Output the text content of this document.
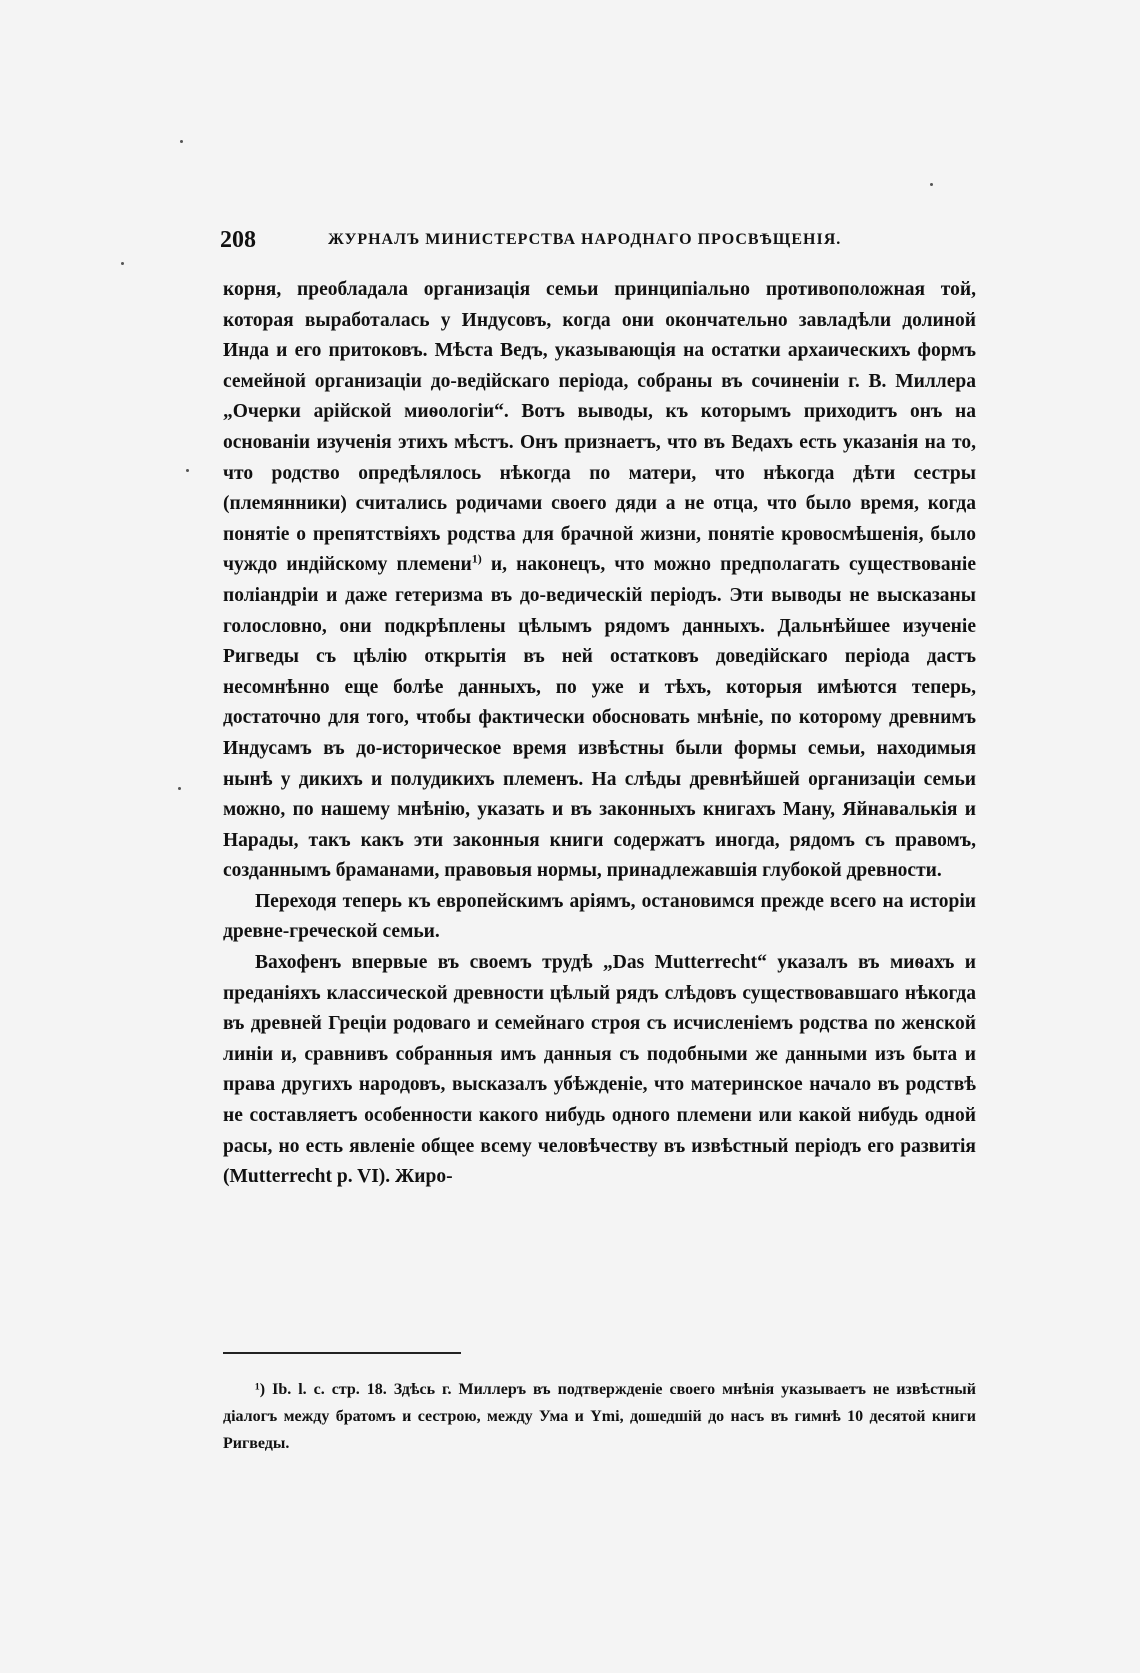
208	ЖУРНАЛЪ МИНИСТЕРСТВА НАРОДНАГО ПРОСВѢЩЕНІЯ.

корня, преобладала организація семьи принципіально противоположная той, которая выработалась у Индусовъ, когда они окончательно завладѣли долиной Инда и его притоковъ. Мѣста Ведъ, указывающія на остатки архаическихъ формъ семейной организаціи до-ведійскаго періода, собраны въ сочиненіи г. В. Миллера „Очерки арійской миѳологіи“. Вотъ выводы, къ которымъ приходитъ онъ на основаніи изученія этихъ мѣстъ. Онъ признаетъ, что въ Ведахъ есть указанія на то, что родство опредѣлялось нѣкогда по матери, что нѣкогда дѣти сестры (племянники) считались родичами своего дяди а не отца, что было время, когда понятіе о препятствіяхъ родства для брачной жизни, понятіе кровосмѣшенія, было чуждо индійскому племени$^{1)}$ и, наконецъ, что можно предполагать существованіе поліандріи и даже гетеризма въ до-ведическій періодъ. Эти выводы не высказаны голословно, они подкрѣплены цѣлымъ рядомъ данныхъ. Дальнѣйшее изученіе Ригведы съ цѣлію открытія въ ней остатковъ доведійскаго періода дастъ несомнѣнно еще болѣе данныхъ, по уже и тѣхъ, которыя имѣются теперь, достаточно для того, чтобы фактически обосновать мнѣніе, по которому древнимъ Индусамъ въ до-историческое время извѣстны были формы семьи, находимыя нынѣ у дикихъ и полудикихъ племенъ. На слѣды древнѣйшей организаціи семьи можно, по нашему мнѣнію, указать и въ законныхъ книгахъ Ману, Яйнавалькія и Нарады, такъ какъ эти законныя книги содержатъ иногда, рядомъ съ правомъ, созданнымъ браманами, правовыя нормы, принадлежавшія глубокой древности.

Переходя теперь къ европейскимъ аріямъ, остановимся прежде всего на исторіи древне-греческой семьи.

Вахофенъ впервые въ своемъ трудѣ „Das Mutterrecht“ указалъ въ миѳахъ и преданіяхъ классической древности цѣлый рядъ слѣдовъ существовавшаго нѣкогда въ древней Греціи родоваго и семейнаго строя съ исчисленіемъ родства по женской линіи и, сравнивъ собранныя имъ данныя съ подобными же данными изъ быта и права другихъ народовъ, высказалъ убѣжденіе, что материнское начало въ родствѣ не составляетъ особенности какого нибудь одного племени или какой нибудь одной расы, но есть явленіе общее всему человѣчеству въ извѣстный періодъ его развитія (Mutterrecht p. VI). Жиро-

¹) Ib. l. c. стр. 18. Здѣсь г. Миллеръ въ подтвержденіе своего мнѣнія указываетъ не извѣстный діалогъ между братомъ и сестрою, между Ума и Ymi, дошедшій до насъ въ гимнѣ 10 десятой книги Ригведы.
